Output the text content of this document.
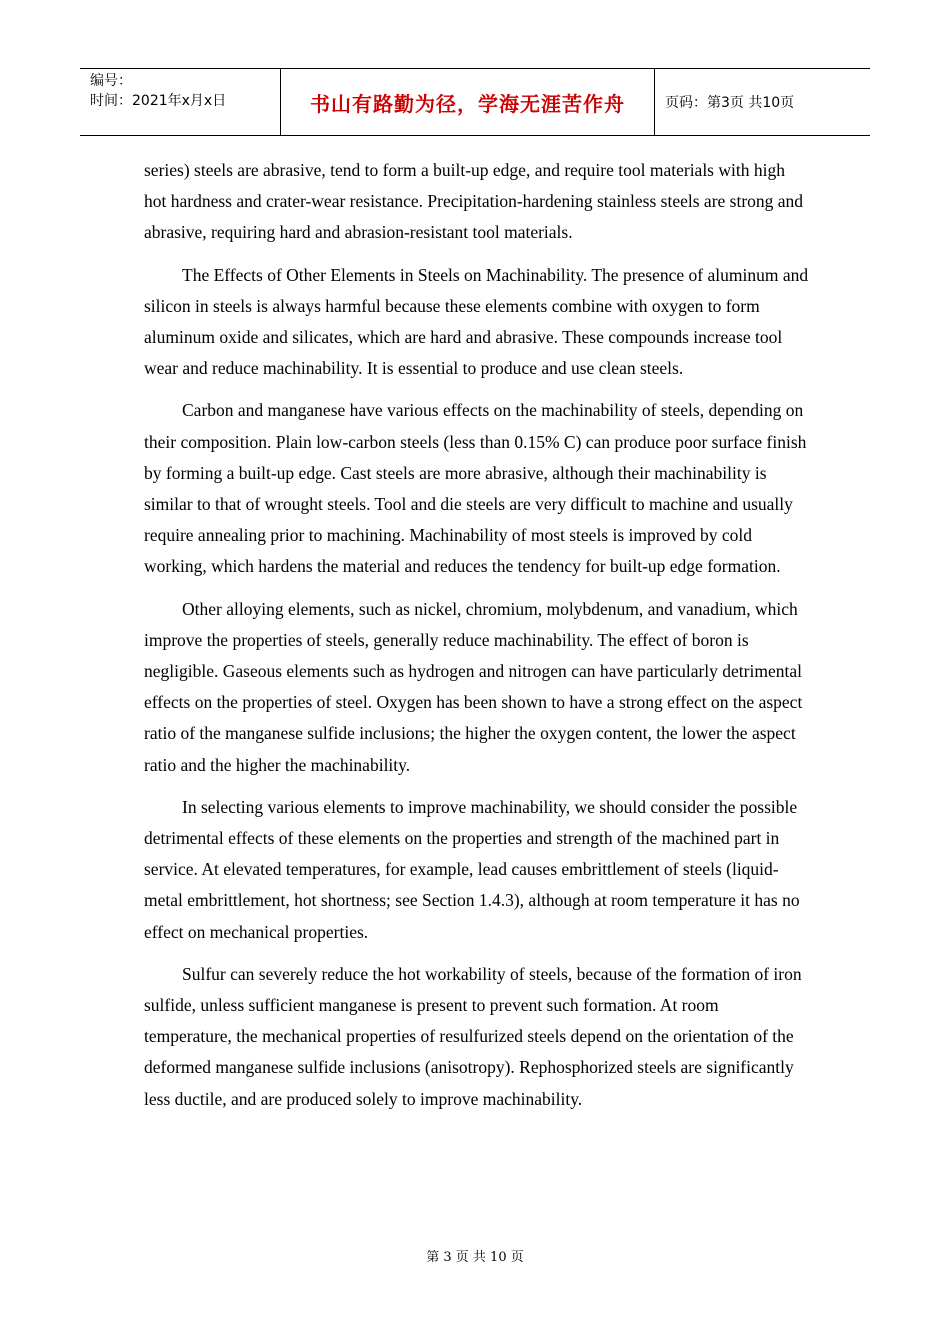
编号：
时间：2021年x月x日	书山有路勤为径，学海无涯苦作舟	页码：第3页 共10页

series) steels are abrasive, tend to form a built-up edge, and require tool materials with high hot hardness and crater-wear resistance. Precipitation-hardening stainless steels are strong and abrasive, requiring hard and abrasion-resistant tool materials.

The Effects of Other Elements in Steels on Machinability. The presence of aluminum and silicon in steels is always harmful because these elements combine with oxygen to form aluminum oxide and silicates, which are hard and abrasive. These compounds increase tool wear and reduce machinability. It is essential to produce and use clean steels.

Carbon and manganese have various effects on the machinability of steels, depending on their composition. Plain low-carbon steels (less than 0.15% C) can produce poor surface finish by forming a built-up edge. Cast steels are more abrasive, although their machinability is similar to that of wrought steels. Tool and die steels are very difficult to machine and usually require annealing prior to machining. Machinability of most steels is improved by cold working, which hardens the material and reduces the tendency for built-up edge formation.

Other alloying elements, such as nickel, chromium, molybdenum, and vanadium, which improve the properties of steels, generally reduce machinability. The effect of boron is negligible. Gaseous elements such as hydrogen and nitrogen can have particularly detrimental effects on the properties of steel. Oxygen has been shown to have a strong effect on the aspect ratio of the manganese sulfide inclusions; the higher the oxygen content, the lower the aspect ratio and the higher the machinability.

In selecting various elements to improve machinability, we should consider the possible detrimental effects of these elements on the properties and strength of the machined part in service. At elevated temperatures, for example, lead causes embrittlement of steels (liquid-metal embrittlement, hot shortness; see Section 1.4.3), although at room temperature it has no effect on mechanical properties.

Sulfur can severely reduce the hot workability of steels, because of the formation of iron sulfide, unless sufficient manganese is present to prevent such formation. At room temperature, the mechanical properties of resulfurized steels depend on the orientation of the deformed manganese sulfide inclusions (anisotropy). Rephosphorized steels are significantly less ductile, and are produced solely to improve machinability.

第 3 页 共 10 页
